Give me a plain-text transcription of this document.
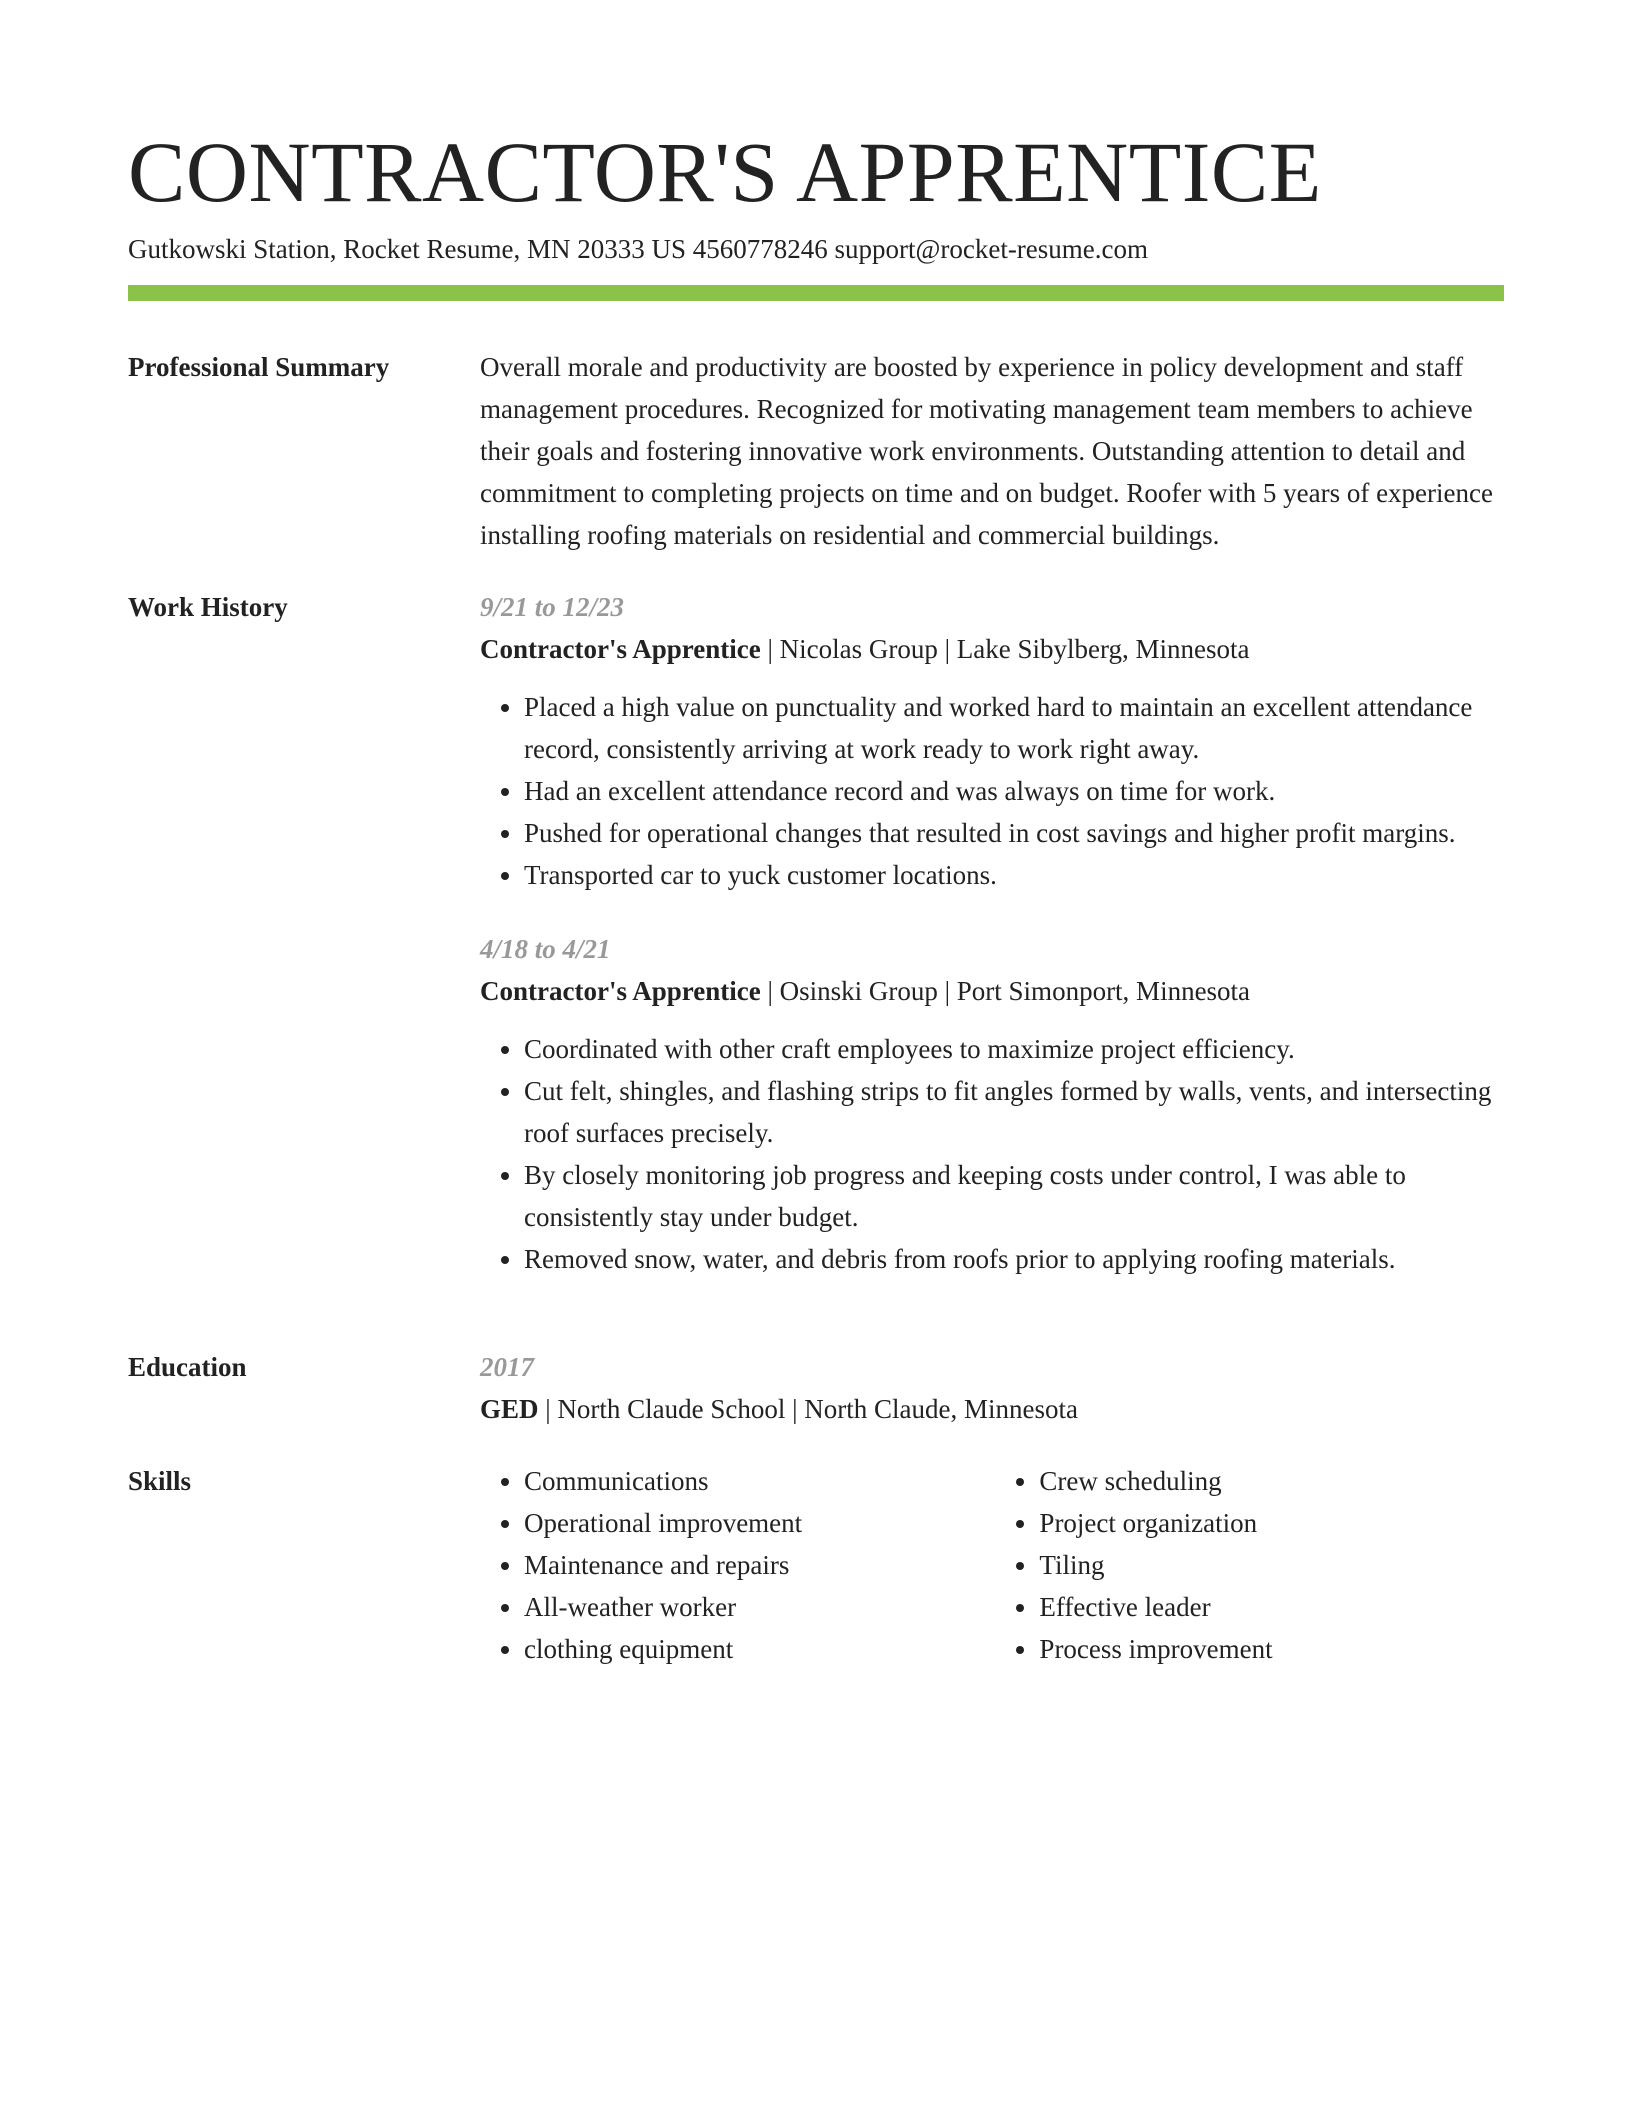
CONTRACTOR'S APPRENTICE
Gutkowski Station, Rocket Resume, MN 20333 US 4560778246 support@rocket-resume.com
Professional Summary	Overall morale and productivity are boosted by experience in policy development and staff management procedures. Recognized for motivating management team members to achieve their goals and fostering innovative work environments. Outstanding attention to detail and commitment to completing projects on time and on budget. Roofer with 5 years of experience installing roofing materials on residential and commercial buildings.

Work History	9/21 to 12/23

Contractor's Apprentice | Nicolas Group | Lake Sibylberg, Minnesota

• Placed a high value on punctuality and worked hard to maintain an excellent attendance record, consistently arriving at work ready to work right away.
• Had an excellent attendance record and was always on time for work.
• Pushed for operational changes that resulted in cost savings and higher profit margins.
• Transported car to yuck customer locations.

4/18 to 4/21

Contractor's Apprentice | Osinski Group | Port Simonport, Minnesota

• Coordinated with other craft employees to maximize project efficiency.
• Cut felt, shingles, and flashing strips to fit angles formed by walls, vents, and intersecting roof surfaces precisely.
• By closely monitoring job progress and keeping costs under control, I was able to consistently stay under budget.
• Removed snow, water, and debris from roofs prior to applying roofing materials.
Education	2017

GED | North Claude School | North Claude, Minnesota

Skills
•	Communications
• Operational improvement
• Maintenance and repairs
• All-weather worker
• clothing equipment
• Crew scheduling
• Project organization
• Tiling
• Effective leader
• Process improvement
